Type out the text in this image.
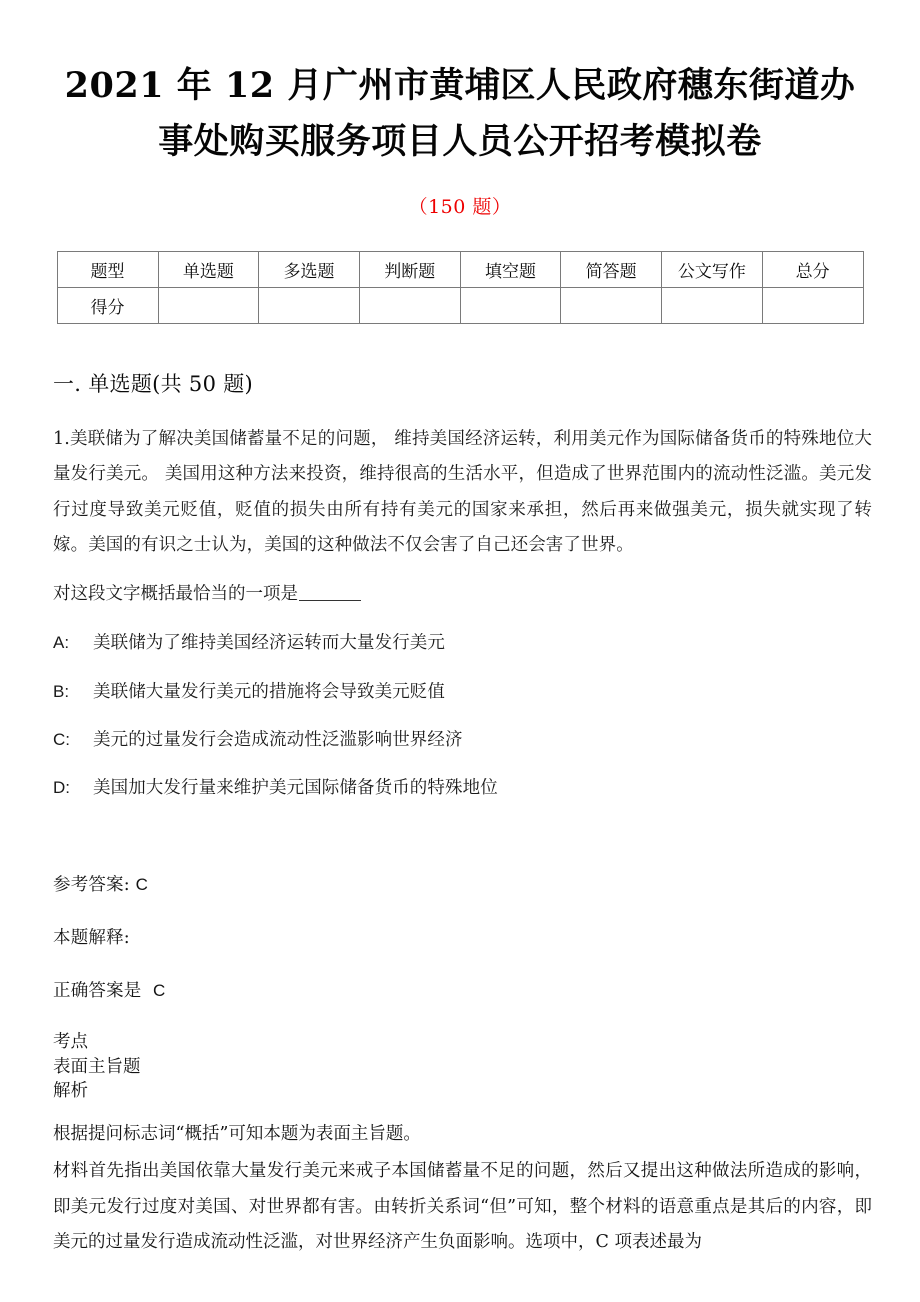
2021 年 12 月广州市黄埔区人民政府穗东街道办事处购买服务项目人员公开招考模拟卷
（150 题）
题型	单选题	多选题	判断题	填空题	简答题	公文写作	总分
得分							
一. 单选题(共 50 题)

1.美联储为了解决美国储蓄量不足的问题， 维持美国经济运转，利用美元作为国际储备货币的特殊地位大量发行美元。 美国用这种方法来投资，维持很高的生活水平，但造成了世界范围内的流动性泛滥。美元发行过度导致美元贬值，贬值的损失由所有持有美元的国家来承担，然后再来做强美元，损失就实现了转嫁。美国的有识之士认为，美国的这种做法不仅会害了自己还会害了世界。

对这段文字概括最恰当的一项是

A:	美联储为了维持美国经济运转而大量发行美元
B:	美联储大量发行美元的措施将会导致美元贬值
C:	美元的过量发行会造成流动性泛滥影响世界经济
D:	美国加大发行量来维护美元国际储备货币的特殊地位

参考答案: C

本题解释:

正确答案是 C

考点
表面主旨题
解析

根据提问标志词“概括”可知本题为表面主旨题。

材料首先指出美国依靠大量发行美元来戒子本国储蓄量不足的问题，然后又提出这种做法所造成的影响，即美元发行过度对美国、对世界都有害。由转折关系词“但”可知，整个材料的语意重点是其后的内容，即美元的过量发行造成流动性泛滥，对世界经济产生负面影响。选项中，C 项表述最为
